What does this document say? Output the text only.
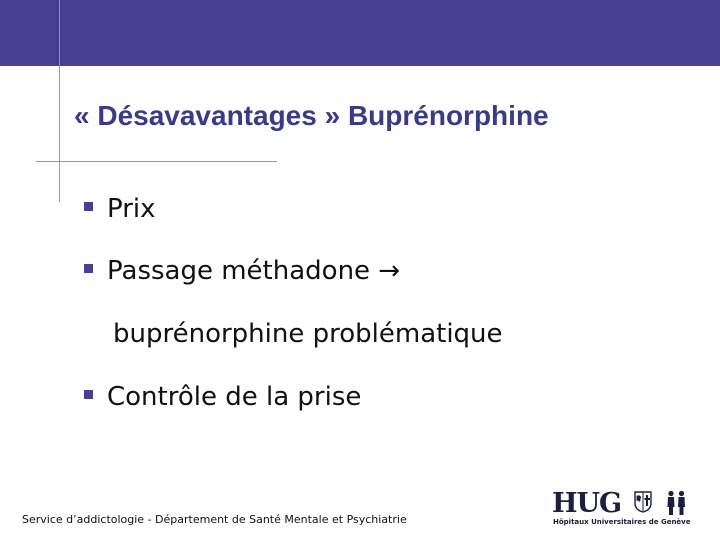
« Désavavantages » Buprénorphine
Prix
Passage méthadone →
Contrôle de la prise
buprénorphine problématique
Service d’addictologie - Département de Santé Mentale et Psychiatrie
HUG
Hôpitaux Universitaires de Genève
